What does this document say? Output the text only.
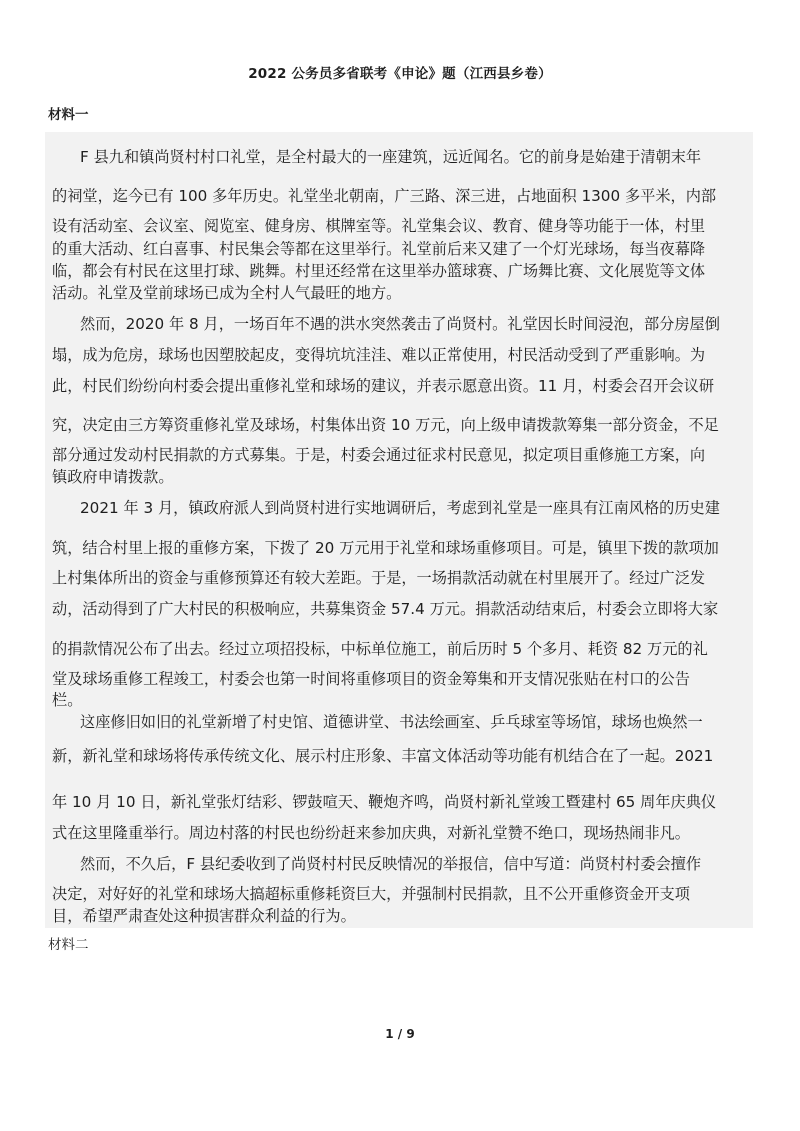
2022 公务员多省联考《申论》题（江西县乡卷）
材料一
F 县九和镇尚贤村村口礼堂，是全村最大的一座建筑，远近闻名。它的前身是始建于清朝末年
的祠堂，迄今已有 100 多年历史。礼堂坐北朝南，广三路、深三进，占地面积 1300 多平米，内部
设有活动室、会议室、阅览室、健身房、棋牌室等。礼堂集会议、教育、健身等功能于一体，村里
的重大活动、红白喜事、村民集会等都在这里举行。礼堂前后来又建了一个灯光球场，每当夜幕降
临，都会有村民在这里打球、跳舞。村里还经常在这里举办篮球赛、广场舞比赛、文化展览等文体
活动。礼堂及堂前球场已成为全村人气最旺的地方。
然而，2020 年 8 月，一场百年不遇的洪水突然袭击了尚贤村。礼堂因长时间浸泡，部分房屋倒
塌，成为危房，球场也因塑胶起皮，变得坑坑洼洼、难以正常使用，村民活动受到了严重影响。为
此，村民们纷纷向村委会提出重修礼堂和球场的建议，并表示愿意出资。11 月，村委会召开会议研
究，决定由三方筹资重修礼堂及球场，村集体出资 10 万元，向上级申请拨款筹集一部分资金，不足
部分通过发动村民捐款的方式募集。于是，村委会通过征求村民意见，拟定项目重修施工方案，向
镇政府申请拨款。
2021 年 3 月，镇政府派人到尚贤村进行实地调研后，考虑到礼堂是一座具有江南风格的历史建
筑，结合村里上报的重修方案，下拨了 20 万元用于礼堂和球场重修项目。可是，镇里下拨的款项加
上村集体所出的资金与重修预算还有较大差距。于是，一场捐款活动就在村里展开了。经过广泛发
动，活动得到了广大村民的积极响应，共募集资金 57.4 万元。捐款活动结束后，村委会立即将大家
的捐款情况公布了出去。经过立项招投标，中标单位施工，前后历时 5 个多月、耗资 82 万元的礼
堂及球场重修工程竣工，村委会也第一时间将重修项目的资金筹集和开支情况张贴在村口的公告
栏。
这座修旧如旧的礼堂新增了村史馆、道德讲堂、书法绘画室、乒乓球室等场馆，球场也焕然一
新，新礼堂和球场将传承传统文化、展示村庄形象、丰富文体活动等功能有机结合在了一起。2021
年 10 月 10 日，新礼堂张灯结彩、锣鼓喧天、鞭炮齐鸣，尚贤村新礼堂竣工暨建村 65 周年庆典仪
式在这里隆重举行。周边村落的村民也纷纷赶来参加庆典，对新礼堂赞不绝口，现场热闹非凡。
然而，不久后，F 县纪委收到了尚贤村村民反映情况的举报信，信中写道：尚贤村村委会擅作
决定，对好好的礼堂和球场大搞超标重修耗资巨大，并强制村民捐款，且不公开重修资金开支项
目，希望严肃查处这种损害群众利益的行为。
材料二
1 / 9
